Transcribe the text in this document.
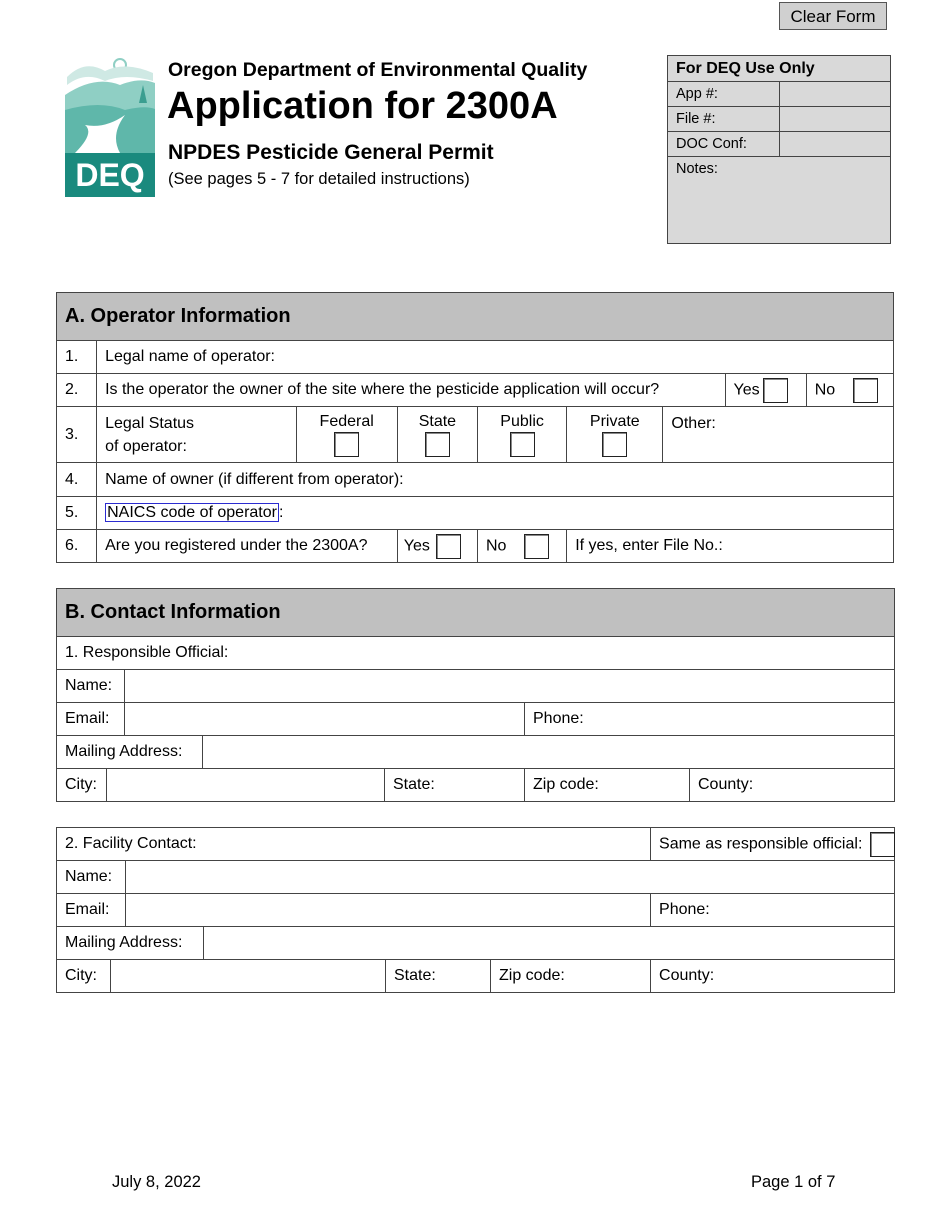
Clear Form
DEQ
Oregon Department of Environmental Quality
Application for 2300A
NPDES Pesticide General Permit
(See pages 5 - 7 for detailed instructions)
For DEQ Use Only
App #:
File #:
DOC Conf:
Notes:
A. Operator Information								
1.	Legal name of operator:							
2.	Is the operator the owner of the site where the pesticide application will occur?						Yes	No
3.	Legal Status
of operator:	Federal	State	Public	Private	Other:		
4.	Name of owner (if different from operator):							
5.	NAICS code of operator :							
6.	Are you registered under the 2300A?		Yes	No	If yes, enter File No.:			
B. Contact Information						
1. Responsible Official:						
Name:						
Email:					Phone:	
Mailing Address:						
City:				State:	Zip code:	County:
2. Facility Contact:						Same as responsible official:
Name:						
Email:						Phone:
Mailing Address:						
City:				State:	Zip code:	County:
July 8, 2022	Page 1 of 7
